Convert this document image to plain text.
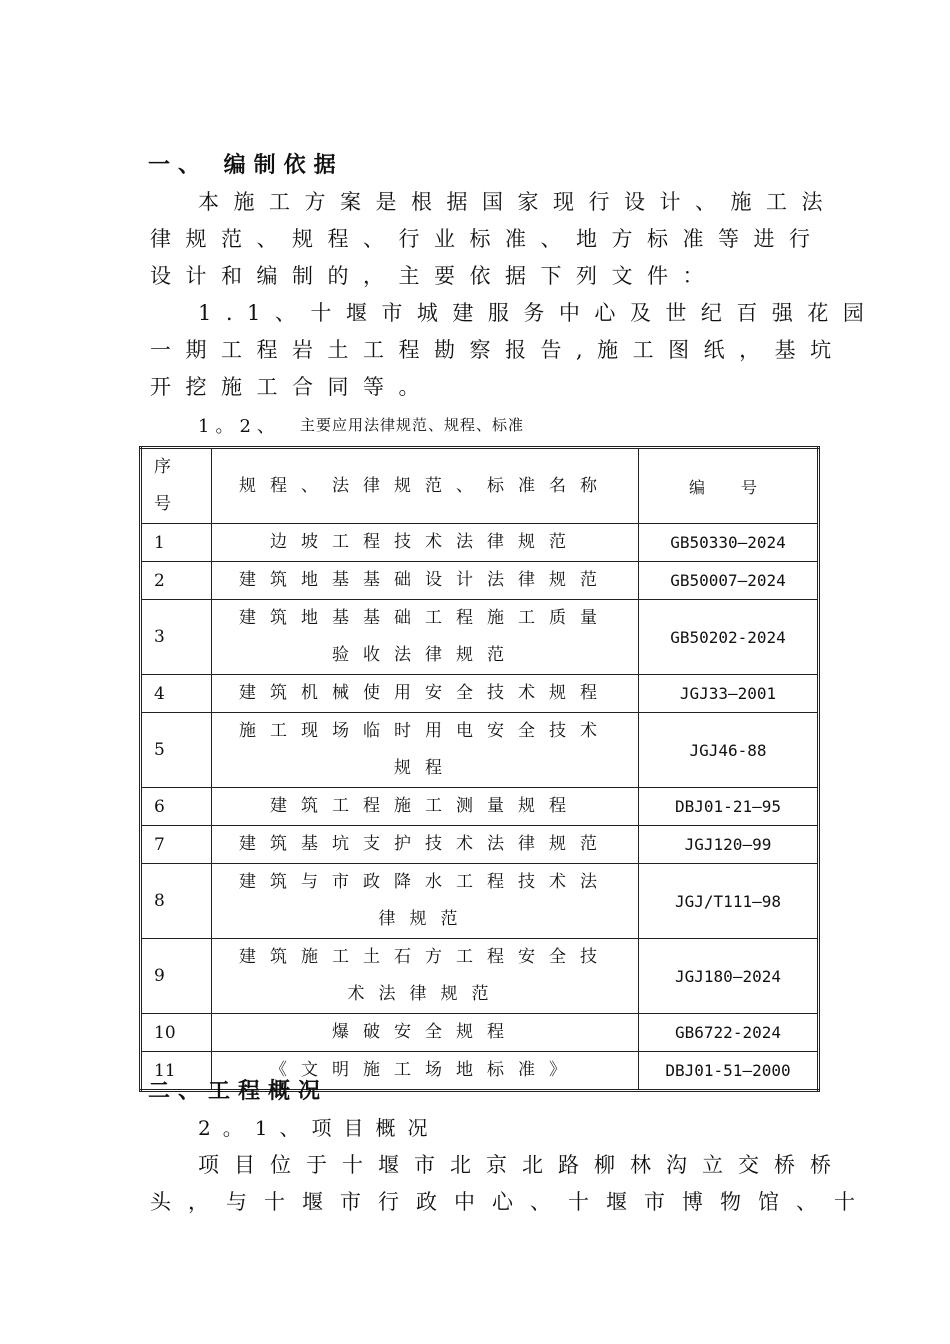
一、 编制依据
本施工方案是根据国家现行设计、施工法
律规范、规程、行业标准、地方标准等进行
设计和编制的，主要依据下列文件：
1.1、十堰市城建服务中心及世纪百强花园
一期工程岩土工程勘察报告,施工图纸，基坑
开挖施工合同等。
1。2、 主要应用法律规范、规程、标准
序
号	规程、法律规范、标准名称	编　号
1	边坡工程技术法律规范	GB50330—2024
2	建筑地基基础设计法律规范	GB50007—2024
3	建筑地基基础工程施工质量
验收法律规范	GB50202-2024
4	建筑机械使用安全技术规程	JGJ33—2001
5	施工现场临时用电安全技术
规程	JGJ46-88
6	建筑工程施工测量规程	DBJ01-21—95
7	建筑基坑支护技术法律规范	JGJ120—99
8	建筑与市政降水工程技术法
律规范	JGJ/T111—98
9	建筑施工土石方工程安全技
术法律规范	JGJ180—2024
10	爆破安全规程	GB6722-2024
11	《文明施工场地标准》	DBJ01-51—2000
二、工程概况
2。1、项目概况
项目位于十堰市北京北路柳林沟立交桥桥
头，与十堰市行政中心、十堰市博物馆、十
